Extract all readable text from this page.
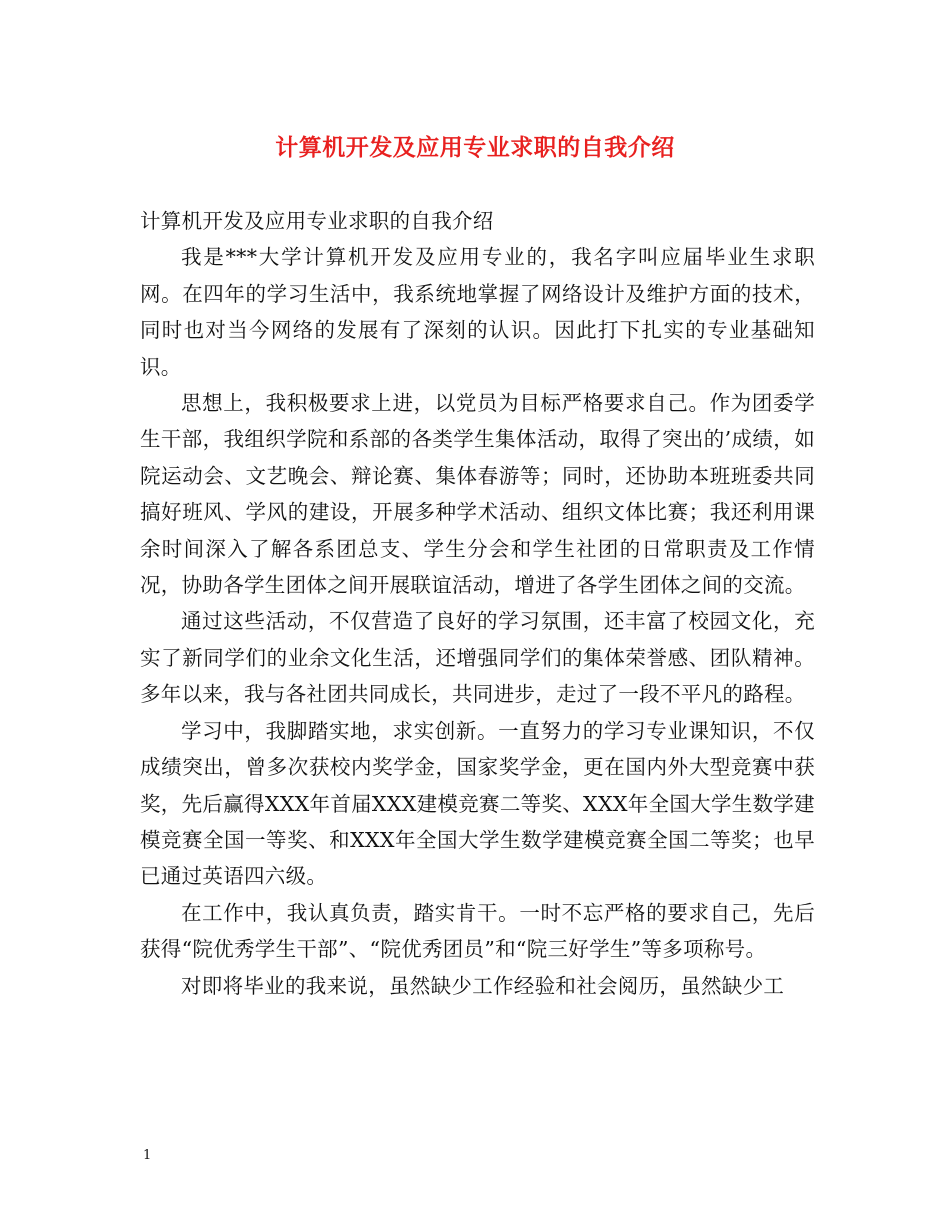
计算机开发及应用专业求职的自我介绍

计算机开发及应用专业求职的自我介绍

我是***大学计算机开发及应用专业的，我名字叫应届毕业生求职网。在四年的学习生活中，我系统地掌握了网络设计及维护方面的技术，同时也对当今网络的发展有了深刻的认识。因此打下扎实的专业基础知识。

思想上，我积极要求上进，以党员为目标严格要求自己。作为团委学生干部，我组织学院和系部的各类学生集体活动，取得了突出的’成绩，如院运动会、文艺晚会、辩论赛、集体春游等；同时，还协助本班班委共同搞好班风、学风的建设，开展多种学术活动、组织文体比赛；我还利用课余时间深入了解各系团总支、学生分会和学生社团的日常职责及工作情况，协助各学生团体之间开展联谊活动，增进了各学生团体之间的交流。

通过这些活动，不仅营造了良好的学习氛围，还丰富了校园文化，充实了新同学们的业余文化生活，还增强同学们的集体荣誉感、团队精神。多年以来，我与各社团共同成长，共同进步，走过了一段不平凡的路程。

学习中，我脚踏实地，求实创新。一直努力的学习专业课知识，不仅成绩突出，曾多次获校内奖学金，国家奖学金，更在国内外大型竞赛中获奖，先后赢得XXX年首届XXX建模竞赛二等奖、XXX年全国大学生数学建模竞赛全国一等奖、和XXX年全国大学生数学建模竞赛全国二等奖；也早已通过英语四六级。

在工作中，我认真负责，踏实肯干。一时不忘严格的要求自己，先后获得“院优秀学生干部”、“院优秀团员”和“院三好学生”等多项称号。

对即将毕业的我来说，虽然缺少工作经验和社会阅历，虽然缺少工

1
